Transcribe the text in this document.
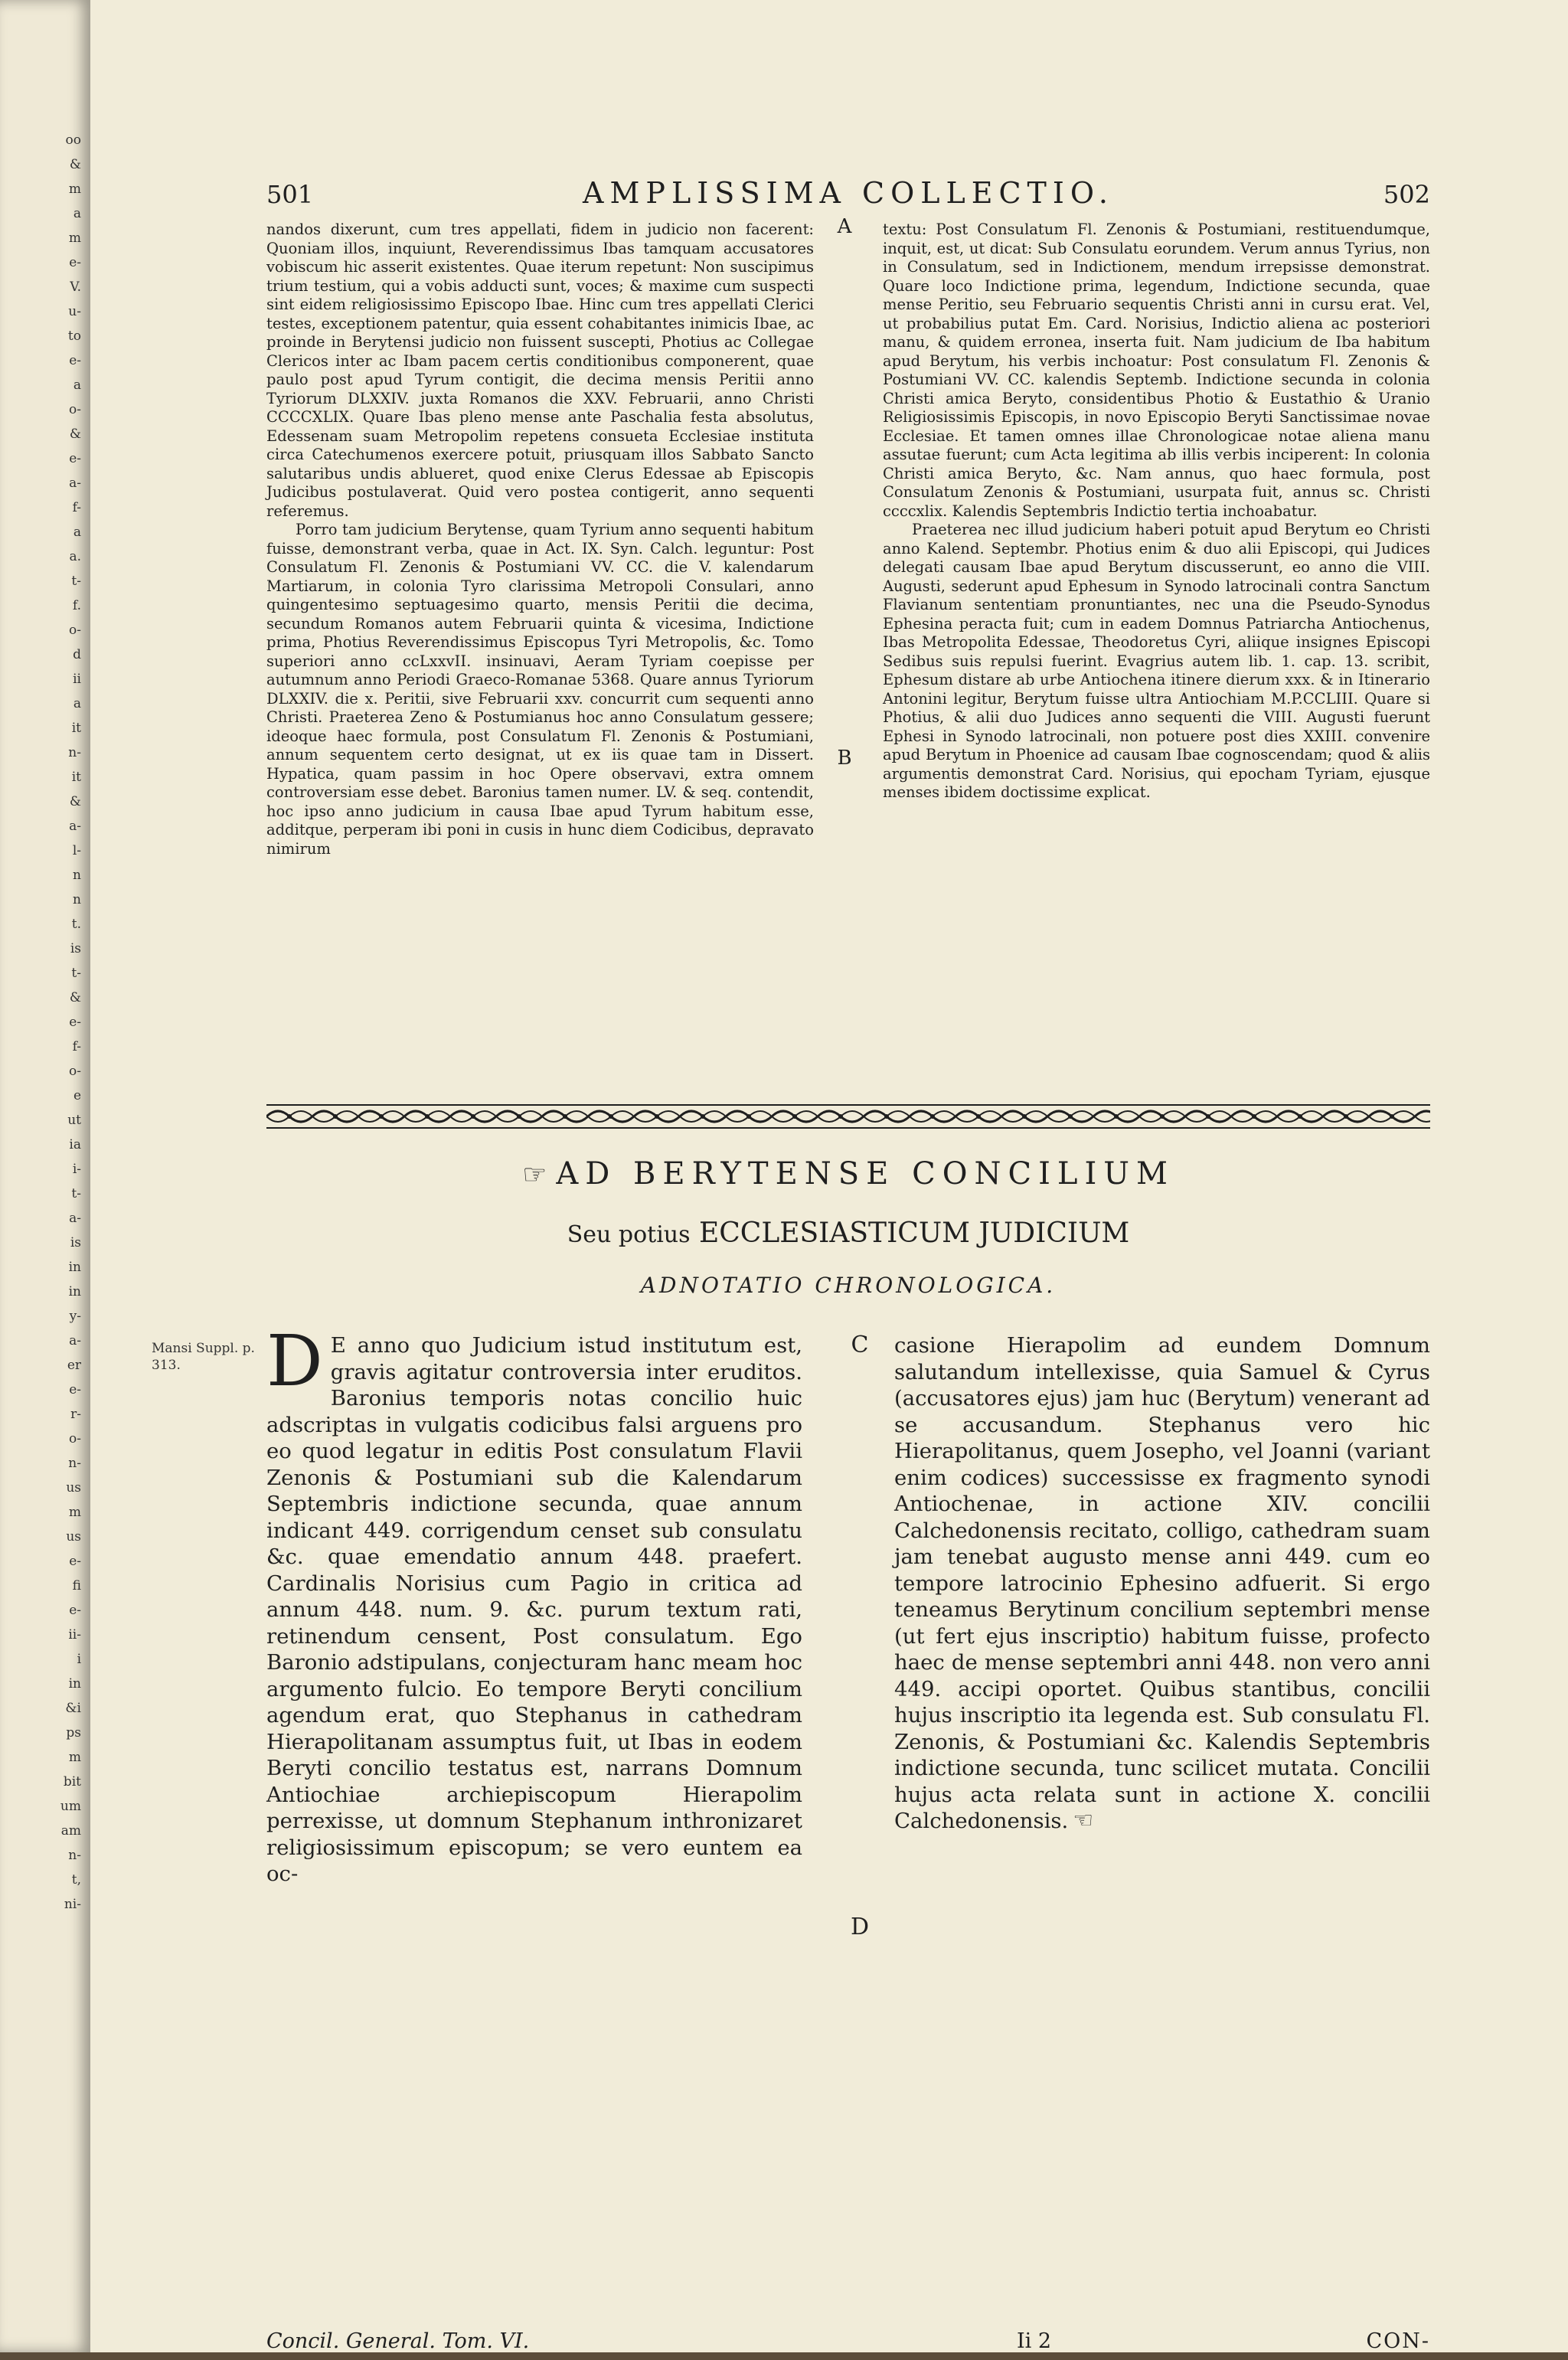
oo
&
m
a
m
e-
V.
u-
to
e-
a
o-
&
e-
a-
f-
a
a.
t-
f.
o-
d
ii
a
it
n-
it
&
a-
l-
n
n
t.
is
t-
&
e-
f-
o-
e
ut
ia
i-
t-
a-
is
in
in
y-
a-
er
e-
r-
o-
n-
us
m
us
e-
fi
e-
ii-
i
in
&i
ps
m
bit
um
am
n-
t,
ni-
501	AMPLISSIMA COLLECTIO.	502

nandos dixerunt, cum tres appellati, fidem in judicio non facerent: Quoniam illos, inquiunt, Reverendissimus Ibas tamquam accusatores vobiscum hic asserit existentes. Quae iterum repetunt: Non suscipimus trium testium, qui a vobis adducti sunt, voces; & maxime cum suspecti sint eidem religiosissimo Episcopo Ibae. Hinc cum tres appellati Clerici testes, exceptionem patentur, quia essent cohabitantes inimicis Ibae, ac proinde in Berytensi judicio non fuissent suscepti, Photius ac Collegae Clericos inter ac Ibam pacem certis conditionibus componerent, quae paulo post apud Tyrum contigit, die decima mensis Peritii anno Tyriorum DLXXIV. juxta Romanos die XXV. Februarii, anno Christi CCCCXLIX. Quare Ibas pleno mense ante Paschalia festa absolutus, Edessenam suam Metropolim repetens consueta Ecclesiae instituta circa Catechumenos exercere potuit, priusquam illos Sabbato Sancto salutaribus undis ablueret, quod enixe Clerus Edessae ab Episcopis Judicibus postulaverat. Quid vero postea contigerit, anno sequenti referemus.

Porro tam judicium Berytense, quam Tyrium anno sequenti habitum fuisse, demonstrant verba, quae in Act. IX. Syn. Calch. leguntur: Post Consulatum Fl. Zenonis & Postumiani VV. CC. die V. kalendarum Martiarum, in colonia Tyro clarissima Metropoli Consulari, anno quingentesimo septuagesimo quarto, mensis Peritii die decima, secundum Romanos autem Februarii quinta & vicesima, Indictione prima, Photius Reverendissimus Episcopus Tyri Metropolis, &c. Tomo superiori anno ccLxxvII. insinuavi, Aeram Tyriam coepisse per autumnum anno Periodi Graeco-Romanae 5368. Quare annus Tyriorum DLXXIV. die x. Peritii, sive Februarii xxv. concurrit cum sequenti anno Christi. Praeterea Zeno & Postumianus hoc anno Consulatum gessere; ideoque haec formula, post Consulatum Fl. Zenonis & Postumiani, annum sequentem certo designat, ut ex iis quae tam in Dissert. Hypatica, quam passim in hoc Opere observavi, extra omnem controversiam esse debet. Baronius tamen numer. LV. & seq. contendit, hoc ipso anno judicium in causa Ibae apud Tyrum habitum esse, additque, perperam ibi poni in cusis in hunc diem Codicibus, depravato nimirum

A
B

textu: Post Consulatum Fl. Zenonis & Postumiani, restituendumque, inquit, est, ut dicat: Sub Consulatu eorundem. Verum annus Tyrius, non in Consulatum, sed in Indictionem, mendum irrepsisse demonstrat. Quare loco Indictione prima, legendum, Indictione secunda, quae mense Peritio, seu Februario sequentis Christi anni in cursu erat. Vel, ut probabilius putat Em. Card. Norisius, Indictio aliena ac posteriori manu, & quidem erronea, inserta fuit. Nam judicium de Iba habitum apud Berytum, his verbis inchoatur: Post consulatum Fl. Zenonis & Postumiani VV. CC. kalendis Septemb. Indictione secunda in colonia Christi amica Beryto, considentibus Photio & Eustathio & Uranio Religiosissimis Episcopis, in novo Episcopio Beryti Sanctissimae novae Ecclesiae. Et tamen omnes illae Chronologicae notae aliena manu assutae fuerunt; cum Acta legitima ab illis verbis inciperent: In colonia Christi amica Beryto, &c. Nam annus, quo haec formula, post Consulatum Zenonis & Postumiani, usurpata fuit, annus sc. Christi ccccxlix. Kalendis Septembris Indictio tertia inchoabatur.

Praeterea nec illud judicium haberi potuit apud Berytum eo Christi anno Kalend. Septembr. Photius enim & duo alii Episcopi, qui Judices delegati causam Ibae apud Berytum discusserunt, eo anno die VIII. Augusti, sederunt apud Ephesum in Synodo latrocinali contra Sanctum Flavianum sententiam pronuntiantes, nec una die Pseudo-Synodus Ephesina peracta fuit; cum in eadem Domnus Patriarcha Antiochenus, Ibas Metropolita Edessae, Theodoretus Cyri, aliique insignes Episcopi Sedibus suis repulsi fuerint. Evagrius autem lib. 1. cap. 13. scribit, Ephesum distare ab urbe Antiochena itinere dierum xxx. & in Itinerario Antonini legitur, Berytum fuisse ultra Antiochiam M.P.CCLIII. Quare si Photius, & alii duo Judices anno sequenti die VIII. Augusti fuerunt Ephesi in Synodo latrocinali, non potuere post dies XXIII. convenire apud Berytum in Phoenice ad causam Ibae cognoscendam; quod & aliis argumentis demonstrat Card. Norisius, qui epocham Tyriam, ejusque menses ibidem doctissime explicat.

☞ AD BERYTENSE CONCILIUM
Seu potius ECCLESIASTICUM JUDICIUM
ADNOTATIO CHRONOLOGICA.
Mansi Suppl. p. 313.	D E anno quo Judicium istud institutum est, gravis agitatur controversia inter eruditos. Baronius temporis notas concilio huic adscriptas in vulgatis codicibus falsi arguens pro eo quod legatur in editis Post consulatum Flavii Zenonis & Postumiani sub die Kalendarum Septembris indictione secunda, quae annum indicant 449. corrigendum censet sub consulatu &c. quae emendatio annum 448. praefert. Cardinalis Norisius cum Pagio in critica ad annum 448. num. 9. &c. purum textum rati, retinendum censent, Post consulatum. Ego Baronio adstipulans, conjecturam hanc meam hoc argumento fulcio. Eo tempore Beryti concilium agendum erat, quo Stephanus in cathedram Hierapolitanam assumptus fuit, ut Ibas in eodem Beryti concilio testatus est, narrans Domnum Antiochiae archiepiscopum Hierapolim perrexisse, ut domnum Stephanum inthronizaret religiosissimum episcopum; se vero euntem ea oc-
C
D
casione Hierapolim ad eundem Domnum salutandum intellexisse, quia Samuel & Cyrus (accusatores ejus) jam huc (Berytum) venerant ad se accusandum. Stephanus vero hic Hierapolitanus, quem Josepho, vel Joanni (variant enim codices) successisse ex fragmento synodi Antiochenae, in actione XIV. concilii Calchedonensis recitato, colligo, cathedram suam jam tenebat augusto mense anni 449. cum eo tempore latrocinio Ephesino adfuerit. Si ergo teneamus Berytinum concilium septembri mense (ut fert ejus inscriptio) habitum fuisse, profecto haec de mense septembri anni 448. non vero anni 449. accipi oportet. Quibus stantibus, concilii hujus inscriptio ita legenda est. Sub consulatu Fl. Zenonis, & Postumiani &c. Kalendis Septembris indictione secunda, tunc scilicet mutata. Concilii hujus acta relata sunt in actione X. concilii Calchedonensis. ☜
Concil. General. Tom. VI.	Ii 2	CON-
